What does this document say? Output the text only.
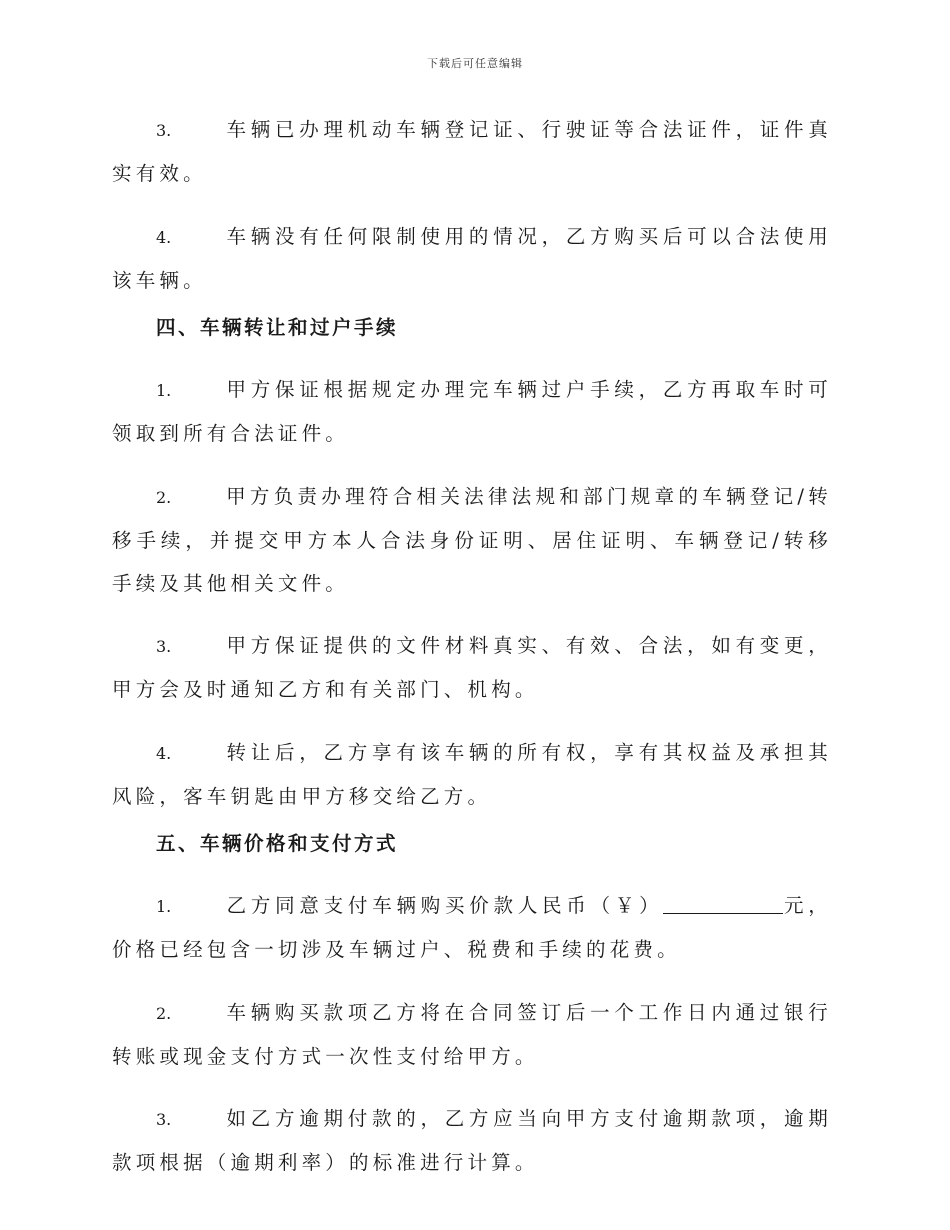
下载后可任意编辑

3.	车辆已办理机动车辆登记证、行驶证等合法证件，证件真实有效。

4.	车辆没有任何限制使用的情况，乙方购买后可以合法使用该车辆。

四、车辆转让和过户手续

1.	甲方保证根据规定办理完车辆过户手续，乙方再取车时可领取到所有合法证件。

2.	甲方负责办理符合相关法律法规和部门规章的车辆登记/转移手续，并提交甲方本人合法身份证明、居住证明、车辆登记/转移手续及其他相关文件。

3.	甲方保证提供的文件材料真实、有效、合法，如有变更，甲方会及时通知乙方和有关部门、机构。

4.	转让后，乙方享有该车辆的所有权，享有其权益及承担其风险，客车钥匙由甲方移交给乙方。

五、车辆价格和支付方式

1.	乙方同意支付车辆购买价款人民币（￥）	元，价格已经包含一切涉及车辆过户、税费和手续的花费。

2.	车辆购买款项乙方将在合同签订后一个工作日内通过银行转账或现金支付方式一次性支付给甲方。

3.	如乙方逾期付款的，乙方应当向甲方支付逾期款项，逾期款项根据（逾期利率）的标准进行计算。
